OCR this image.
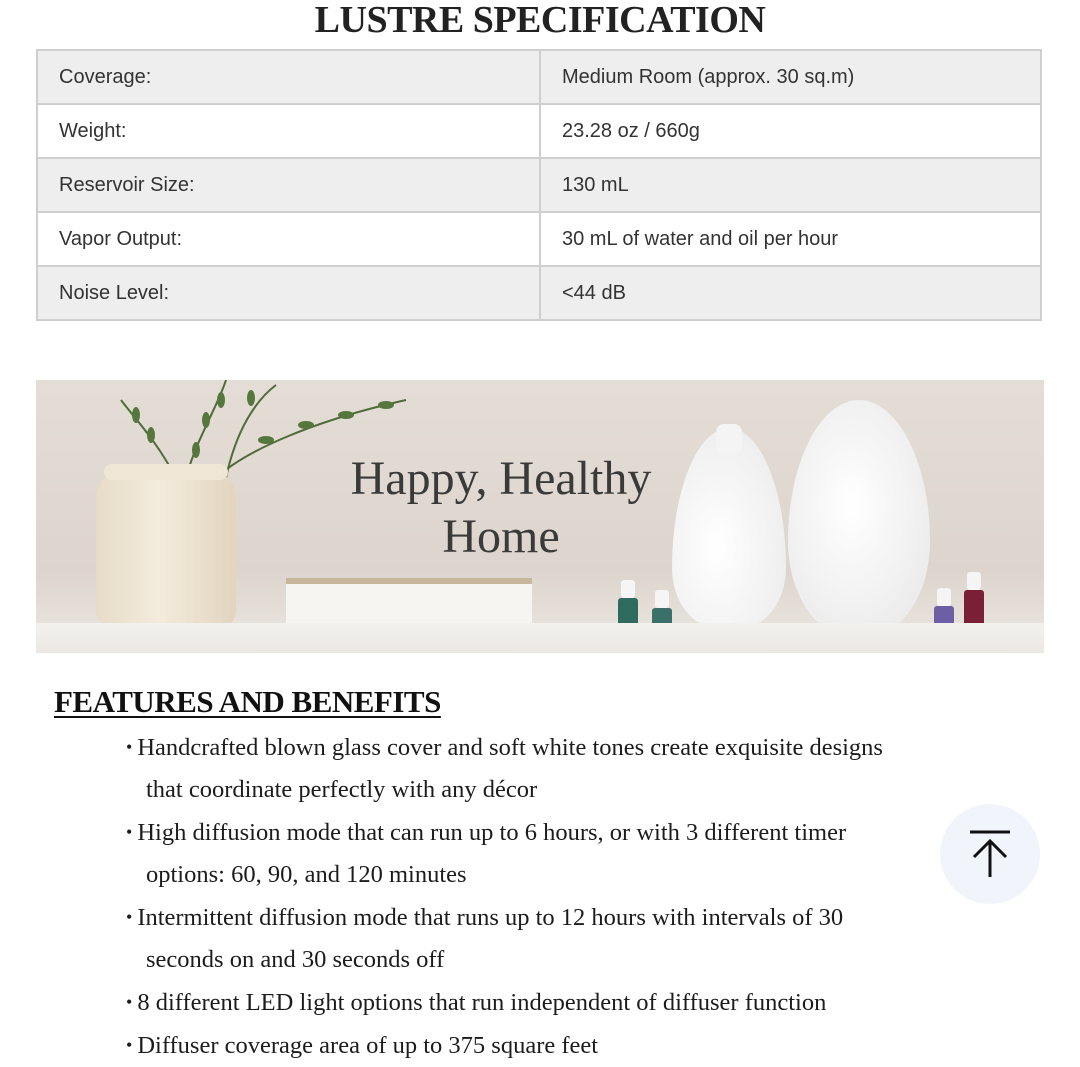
LUSTRE SPECIFICATION
Coverage:	Medium Room (approx. 30 sq.m)
Weight:	23.28 oz / 660g
Reservoir Size:	130 mL
Vapor Output:	30 mL of water and oil per hour
Noise Level:	<44 dB
Happy, Healthy
Home
FEATURES AND BENEFITS
• Handcrafted blown glass cover and soft white tones create exquisite designs
that coordinate perfectly with any décor
• High diffusion mode that can run up to 6 hours, or with 3 different timer
options: 60, 90, and 120 minutes
• Intermittent diffusion mode that runs up to 12 hours with intervals of 30
seconds on and 30 seconds off
• 8 different LED light options that run independent of diffuser function
• Diffuser coverage area of up to 375 square feet
